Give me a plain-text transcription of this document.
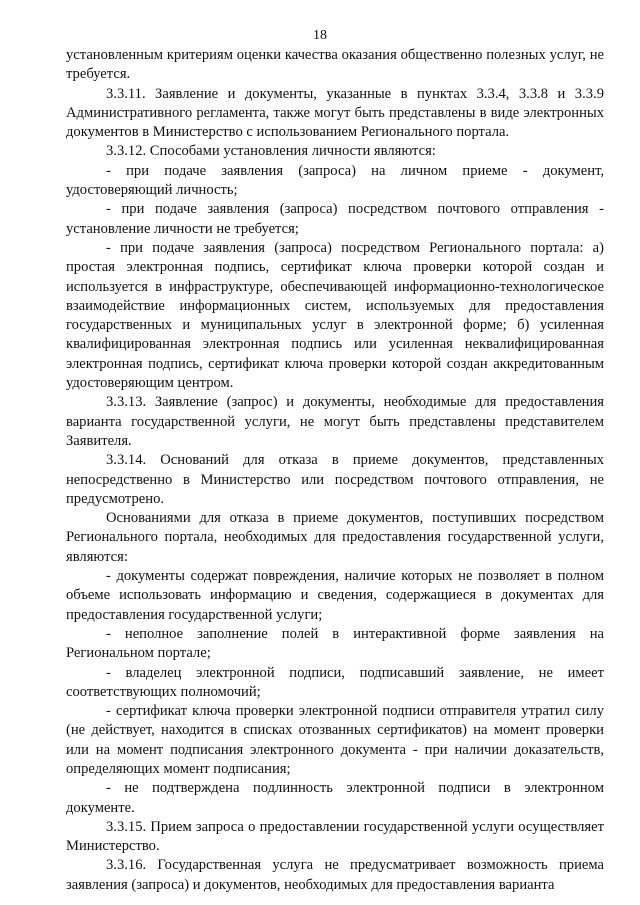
18

установленным критериям оценки качества оказания общественно полезных услуг, не требуется.

3.3.11. Заявление и документы, указанные в пунктах 3.3.4, 3.3.8 и 3.3.9 Административного регламента, также могут быть представлены в виде электронных документов в Министерство с использованием Регионального портала.

3.3.12. Способами установления личности являются:

- при подаче заявления (запроса) на личном приеме - документ, удостоверяющий личность;

- при подаче заявления (запроса) посредством почтового отправления - установление личности не требуется;

- при подаче заявления (запроса) посредством Регионального портала: а) простая электронная подпись, сертификат ключа проверки которой создан и используется в инфраструктуре, обеспечивающей информационно-технологическое взаимодействие информационных систем, используемых для предоставления государственных и муниципальных услуг в электронной форме; б) усиленная квалифицированная электронная подпись или усиленная неквалифицированная электронная подпись, сертификат ключа проверки которой создан аккредитованным удостоверяющим центром.

3.3.13. Заявление (запрос) и документы, необходимые для предоставления варианта государственной услуги, не могут быть представлены представителем Заявителя.

3.3.14. Оснований для отказа в приеме документов, представленных непосредственно в Министерство или посредством почтового отправления, не предусмотрено.

Основаниями для отказа в приеме документов, поступивших посредством Регионального портала, необходимых для предоставления государственной услуги, являются:

- документы содержат повреждения, наличие которых не позволяет в полном объеме использовать информацию и сведения, содержащиеся в документах для предоставления государственной услуги;

- неполное заполнение полей в интерактивной форме заявления на Региональном портале;

- владелец электронной подписи, подписавший заявление, не имеет соответствующих полномочий;

- сертификат ключа проверки электронной подписи отправителя утратил силу (не действует, находится в списках отозванных сертификатов) на момент проверки или на момент подписания электронного документа - при наличии доказательств, определяющих момент подписания;

- не подтверждена подлинность электронной подписи в электронном документе.

3.3.15. Прием запроса о предоставлении государственной услуги осуществляет Министерство.

3.3.16. Государственная услуга не предусматривает возможность приема заявления (запроса) и документов, необходимых для предоставления варианта
